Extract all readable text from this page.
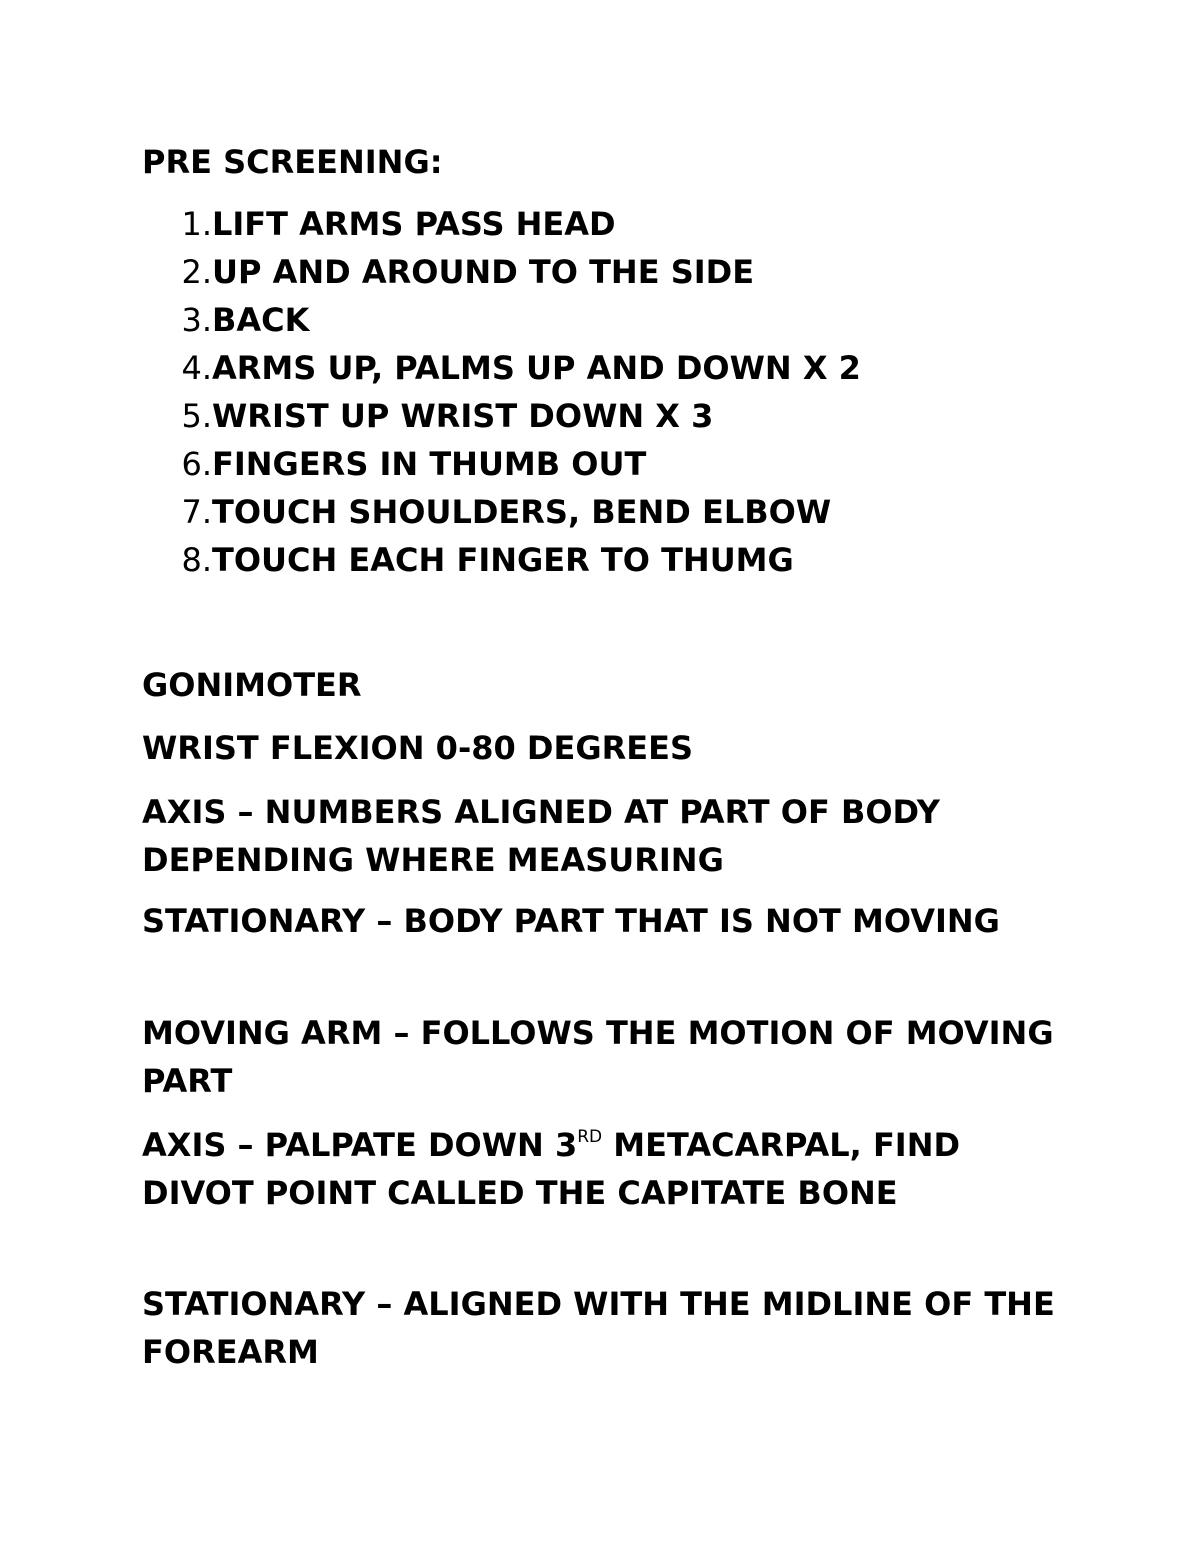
PRE SCREENING:

1. LIFT ARMS PASS HEAD
2. UP AND AROUND TO THE SIDE
3. BACK
4. ARMS UP, PALMS UP AND DOWN X 2
5. WRIST UP WRIST DOWN X 3
6. FINGERS IN THUMB OUT
7. TOUCH SHOULDERS, BEND ELBOW
8. TOUCH EACH FINGER TO THUMG

GONIMOTER

WRIST FLEXION 0-80 DEGREES

AXIS – NUMBERS ALIGNED AT PART OF BODY DEPENDING WHERE MEASURING

STATIONARY – BODY PART THAT IS NOT MOVING

MOVING ARM – FOLLOWS THE MOTION OF MOVING PART

AXIS – PALPATE DOWN 3RD METACARPAL, FIND DIVOT POINT CALLED THE CAPITATE BONE

STATIONARY – ALIGNED WITH THE MIDLINE OF THE FOREARM
